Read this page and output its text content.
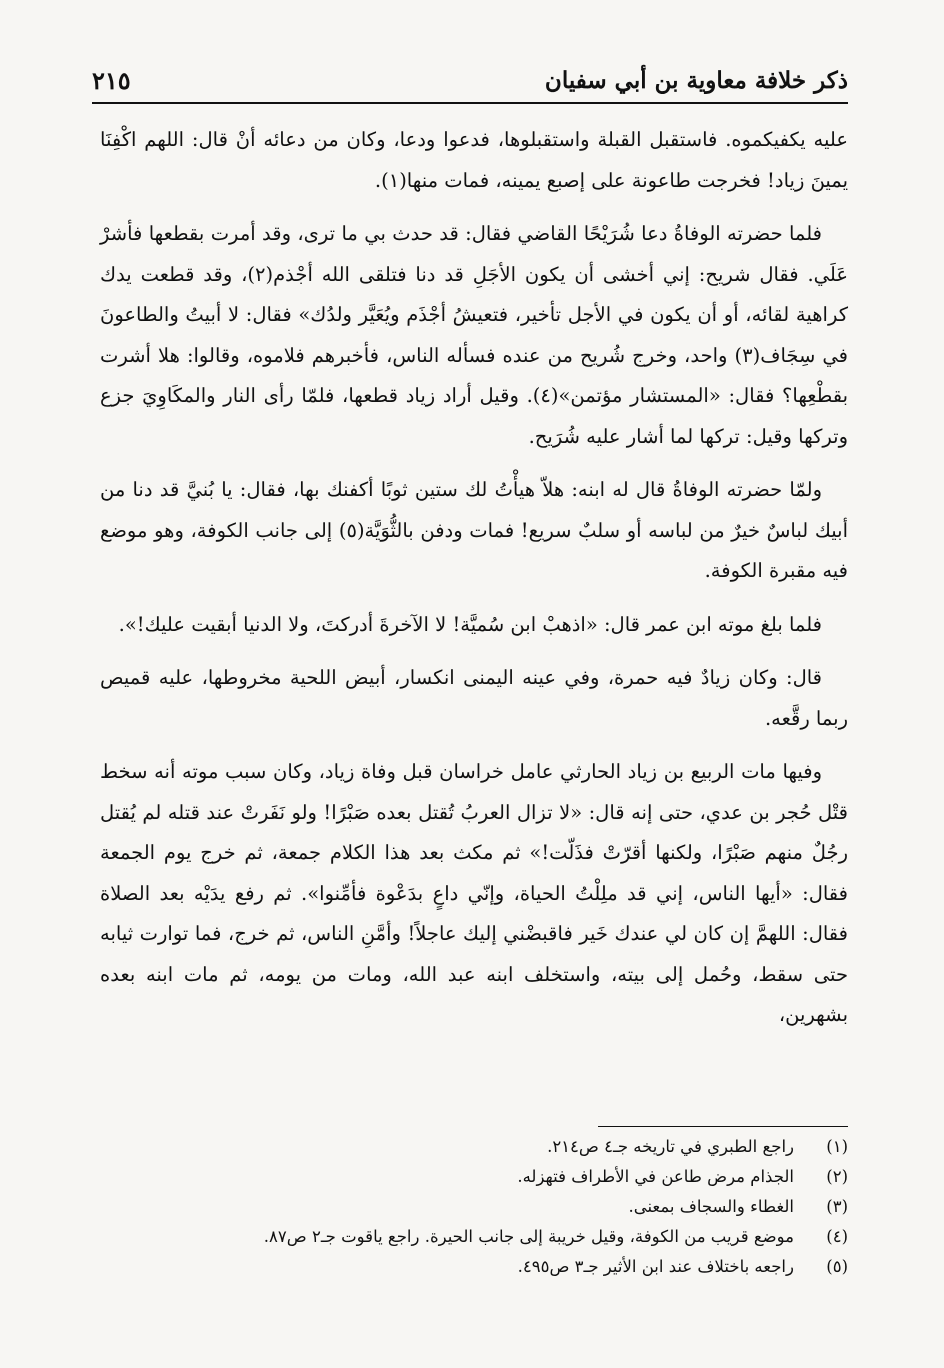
٢١٥	ذكر خلافة معاوية بن أبي سفيان

عليه يكفيكموه. فاستقبل القبلة واستقبلوها، فدعوا ودعا، وكان من دعائه أنْ قال: اللهم اكْفِنَا يمينَ زياد! فخرجت طاعونة على إصبع يمينه، فمات منها(١).

فلما حضرته الوفاةُ دعا شُرَيْحًا القاضي فقال: قد حدث بي ما ترى، وقد أمرت بقطعها فأشرْ عَلَي. فقال شريح: إني أخشى أن يكون الأجَلِ قد دنا فتلقى الله أجْذم(٢)، وقد قطعت يدك كراهية لقائه، أو أن يكون في الأجل تأخير، فتعيشُ أجْذَم ويُعَيَّر ولدُك» فقال: لا أبيتُ والطاعونَ في سِجَاف(٣) واحد، وخرج شُريح من عنده فسأله الناس، فأخبرهم فلاموه، وقالوا: هلا أشرت بقطْعِها؟ فقال: «المستشار مؤتمن»(٤). وقيل أراد زياد قطعها، فلمّا رأى النار والمكَاوِيَ جزع وتركها وقيل: تركها لما أشار عليه شُرَيح.

ولمّا حضرته الوفاةُ قال له ابنه: هلاّ هيأْتُ لك ستين ثوبًا أكفنك بها، فقال: يا بُنيَّ قد دنا من أبيك لباسٌ خيرٌ من لباسه أو سلبٌ سريع! فمات ودفن بالثُّوَيَّة(٥) إلى جانب الكوفة، وهو موضع فيه مقبرة الكوفة.

فلما بلغ موته ابن عمر قال: «اذهبْ ابن سُميَّة! لا الآخرةَ أدركتَ، ولا الدنيا أبقيت عليك!».

قال: وكان زيادٌ فيه حمرة، وفي عينه اليمنى انكسار، أبيض اللحية مخروطها، عليه قميص ربما رقَّعه.

وفيها مات الربيع بن زياد الحارثي عامل خراسان قبل وفاة زياد، وكان سبب موته أنه سخط قتْل حُجر بن عدي، حتى إنه قال: «لا تزال العربُ تُقتل بعده صَبْرًا! ولو نَفَرتْ عند قتله لم يُقتل رجُلٌ منهم صَبْرًا، ولكنها أقرّتْ فذَلّت!» ثم مكث بعد هذا الكلام جمعة، ثم خرج يوم الجمعة فقال: «أيها الناس، إني قد ملِلْتُ الحياة، وإنّي داعٍ بدَعْوة فأمِّنوا». ثم رفع يدَيْه بعد الصلاة فقال: اللهمَّ إن كان لي عندك خَير فاقبضْني إليك عاجلاً! وأمَّنِ الناس، ثم خرج، فما توارت ثيابه حتى سقط، وحُمل إلى بيته، واستخلف ابنه عبد الله، ومات من يومه، ثم مات ابنه بعده بشهرين،

(١)
راجع الطبري في تاريخه جـ٤ ص٢١٤.
(٢)
الجذام مرض طاعن في الأطراف فتهزله.
(٣)
الغطاء والسجاف بمعنى.
(٤)
موضع قريب من الكوفة، وقيل خريبة إلى جانب الحيرة. راجع ياقوت جـ٢ ص٨٧.
(٥)
راجعه باختلاف عند ابن الأثير جـ٣ ص٤٩٥.
